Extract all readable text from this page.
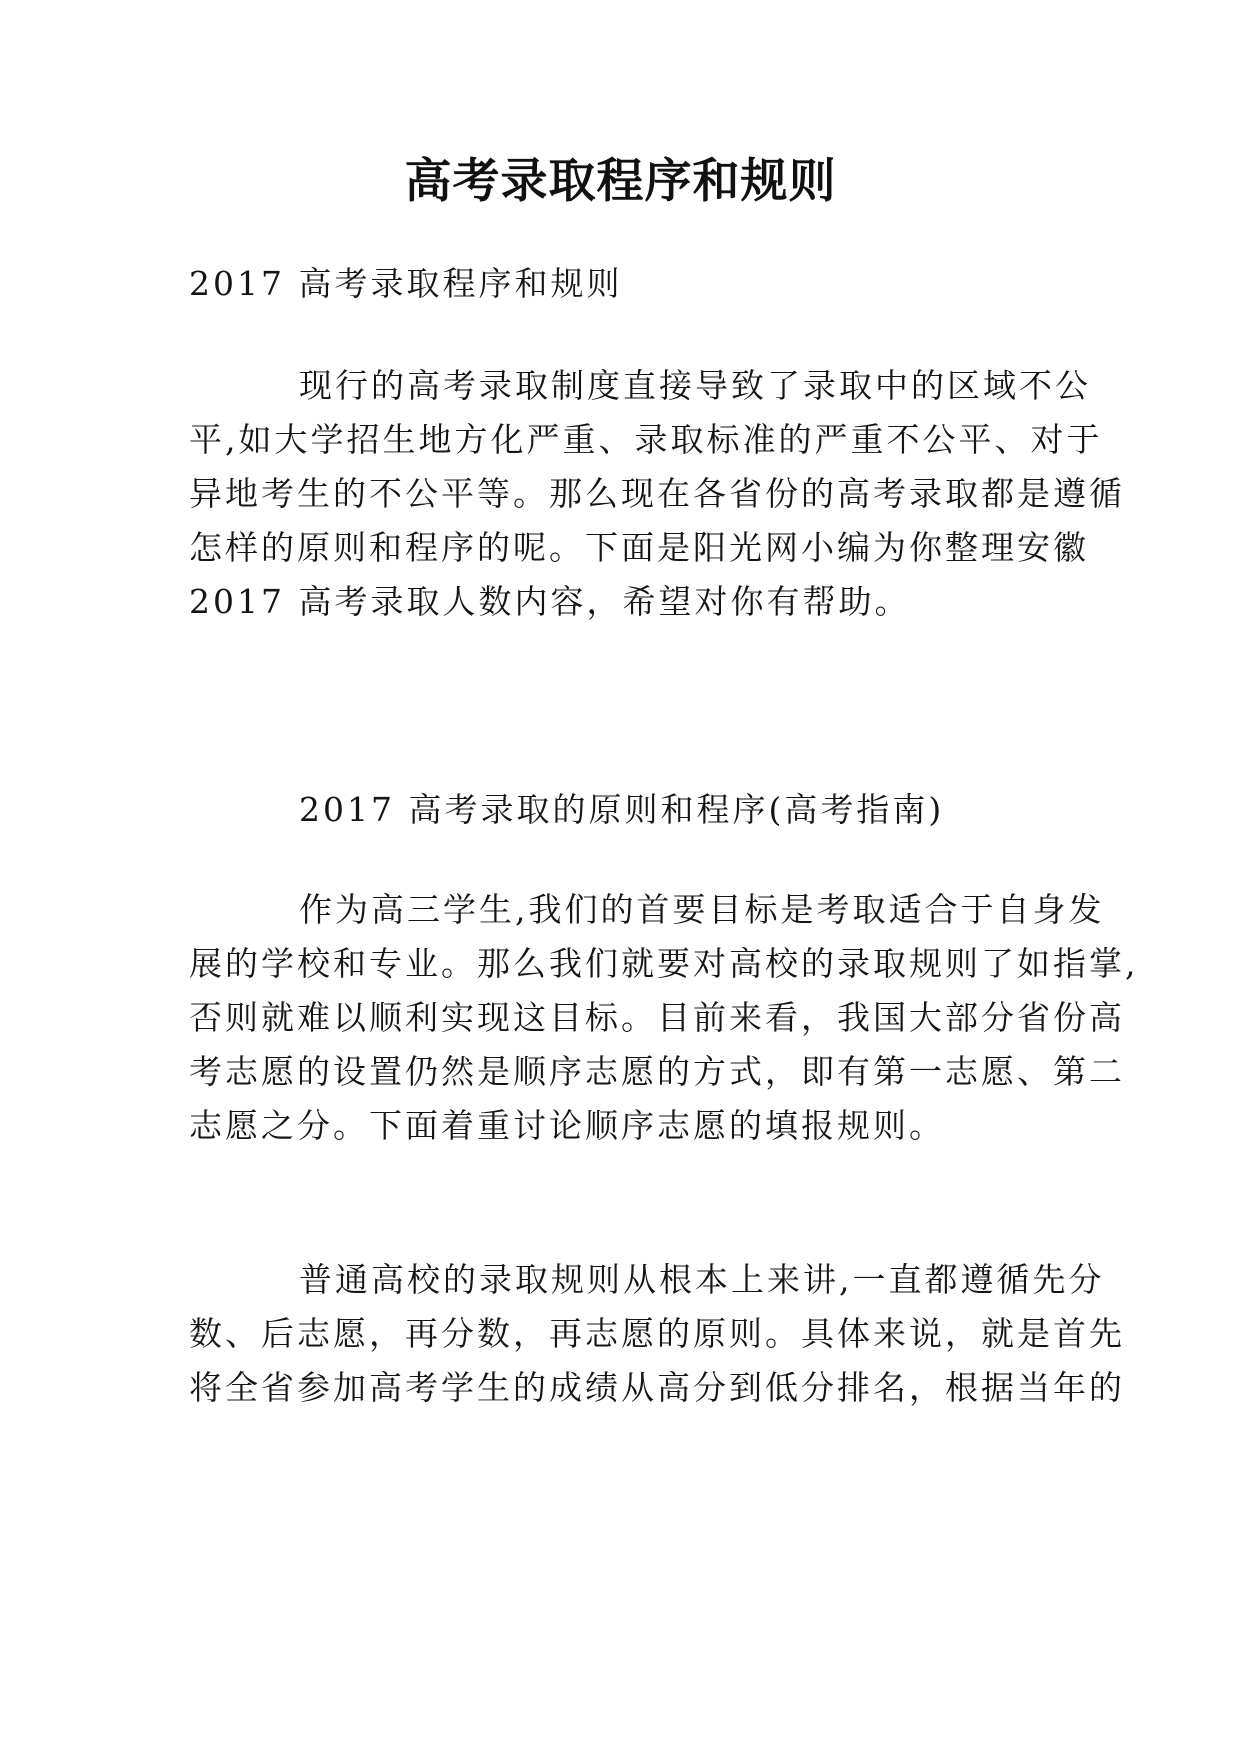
高考录取程序和规则

2017 高考录取程序和规则

现行的高考录取制度直接导致了录取中的区域不公

平,如大学招生地方化严重、录取标准的严重不公平、对于

异地考生的不公平等。那么现在各省份的高考录取都是遵循

怎样的原则和程序的呢。下面是阳光网小编为你整理安徽

2017 高考录取人数内容，希望对你有帮助。

2017 高考录取的原则和程序(高考指南)

作为高三学生,我们的首要目标是考取适合于自身发

展的学校和专业。那么我们就要对高校的录取规则了如指掌,

否则就难以顺利实现这目标。目前来看，我国大部分省份高

考志愿的设置仍然是顺序志愿的方式，即有第一志愿、第二

志愿之分。下面着重讨论顺序志愿的填报规则。

普通高校的录取规则从根本上来讲,一直都遵循先分

数、后志愿，再分数，再志愿的原则。具体来说，就是首先

将全省参加高考学生的成绩从高分到低分排名，根据当年的
